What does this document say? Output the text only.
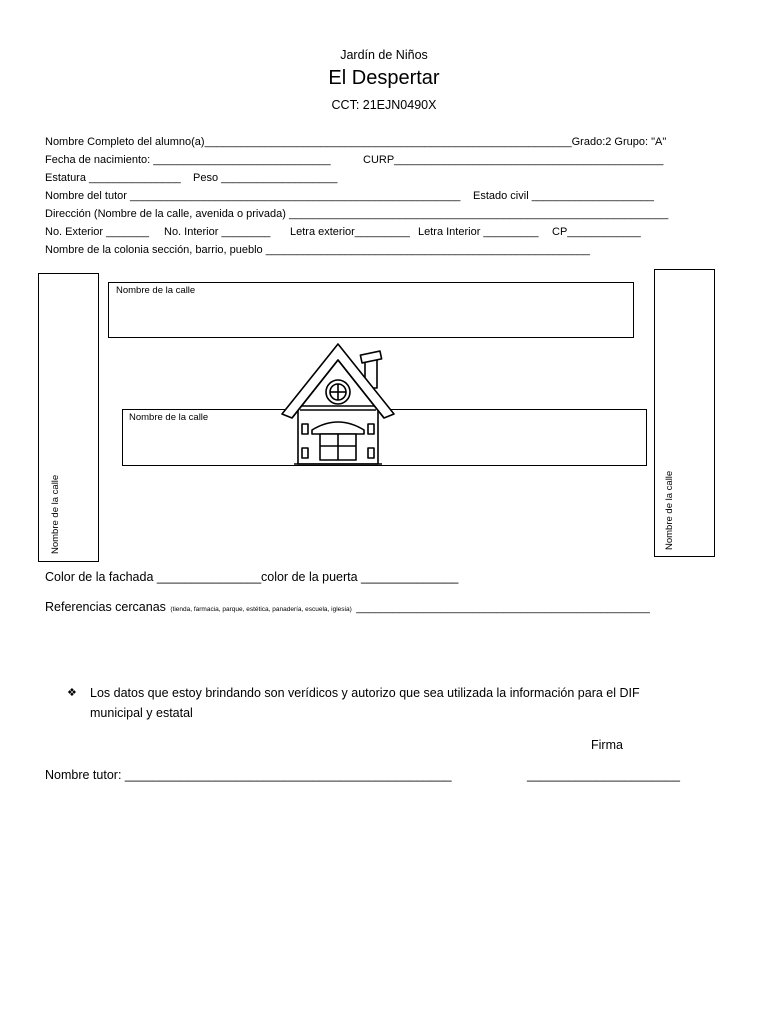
Jardín de Niños
El Despertar
CCT: 21EJN0490X
Nombre Completo del alumno(a)____________________________________________________________Grado:2 Grupo: "A"
Fecha de nacimiento: _____________________________	CURP____________________________________________
Estatura _______________ Peso ___________________
Nombre del tutor ______________________________________________________ Estado civil ____________________
Dirección (Nombre de la calle, avenida o privada) ______________________________________________________________
No. Exterior _______ No. Interior ________ Letra exterior_________ Letra Interior _________ CP____________
Nombre de la colonia sección, barrio, pueblo _____________________________________________________
Nombre de la calle	Nombre de la calle
Nombre de la calle
Nombre de la calle
Color de la fachada _______________ color de la puerta ______________
Referencias cercanas (tienda, farmacia, parque, estética, panadería, escuela, iglesia) ________________________________________________
❖ Los datos que estoy brindando son verídicos y autorizo que sea utilizada la información para el DIF
municipal y estatal
Firma
Nombre tutor: _______________________________________________	______________________
